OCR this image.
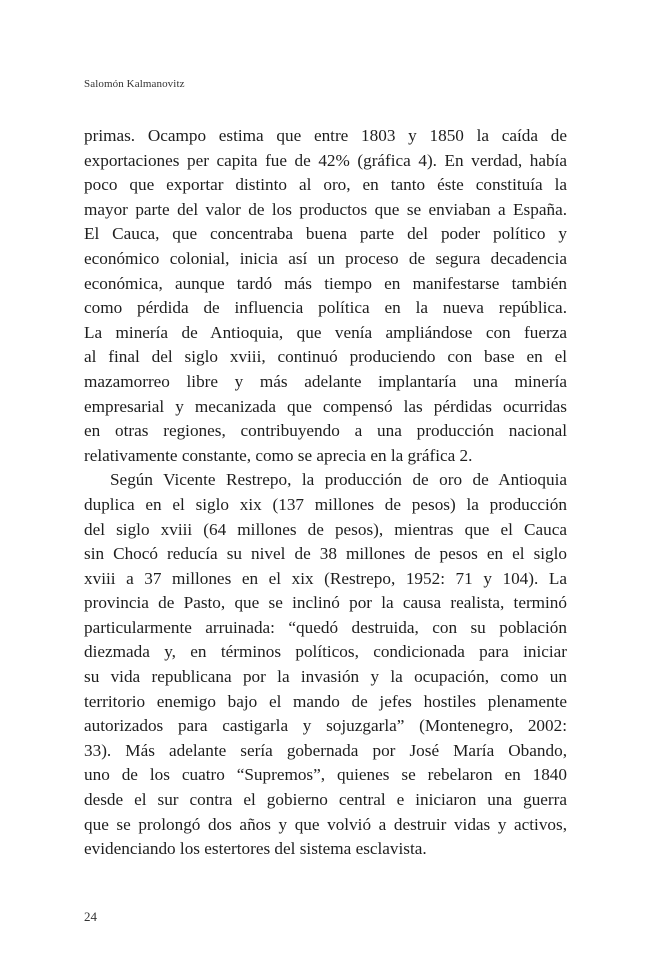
Salomón Kalmanovitz
primas. Ocampo estima que entre 1803 y 1850 la caída de
exportaciones per capita fue de 42% (gráfica 4). En verdad, había
poco que exportar distinto al oro, en tanto éste constituía la
mayor parte del valor de los productos que se enviaban a España.
El Cauca, que concentraba buena parte del poder político y
económico colonial, inicia así un proceso de segura decadencia
económica, aunque tardó más tiempo en manifestarse también
como pérdida de influencia política en la nueva república.
La minería de Antioquia, que venía ampliándose con fuerza
al final del siglo xviii, continuó produciendo con base en el
mazamorreo libre y más adelante implantaría una minería
empresarial y mecanizada que compensó las pérdidas ocurridas
en otras regiones, contribuyendo a una producción nacional
relativamente constante, como se aprecia en la gráfica 2.
Según Vicente Restrepo, la producción de oro de Antioquia
duplica en el siglo xix (137 millones de pesos) la producción
del siglo xviii (64 millones de pesos), mientras que el Cauca
sin Chocó reducía su nivel de 38 millones de pesos en el siglo
xviii a 37 millones en el xix (Restrepo, 1952: 71 y 104). La
provincia de Pasto, que se inclinó por la causa realista, terminó
particularmente arruinada: “quedó destruida, con su población
diezmada y, en términos políticos, condicionada para iniciar
su vida republicana por la invasión y la ocupación, como un
territorio enemigo bajo el mando de jefes hostiles plenamente
autorizados para castigarla y sojuzgarla” (Montenegro, 2002:
33). Más adelante sería gobernada por José María Obando,
uno de los cuatro “Supremos”, quienes se rebelaron en 1840
desde el sur contra el gobierno central e iniciaron una guerra
que se prolongó dos años y que volvió a destruir vidas y activos,
evidenciando los estertores del sistema esclavista.
24
